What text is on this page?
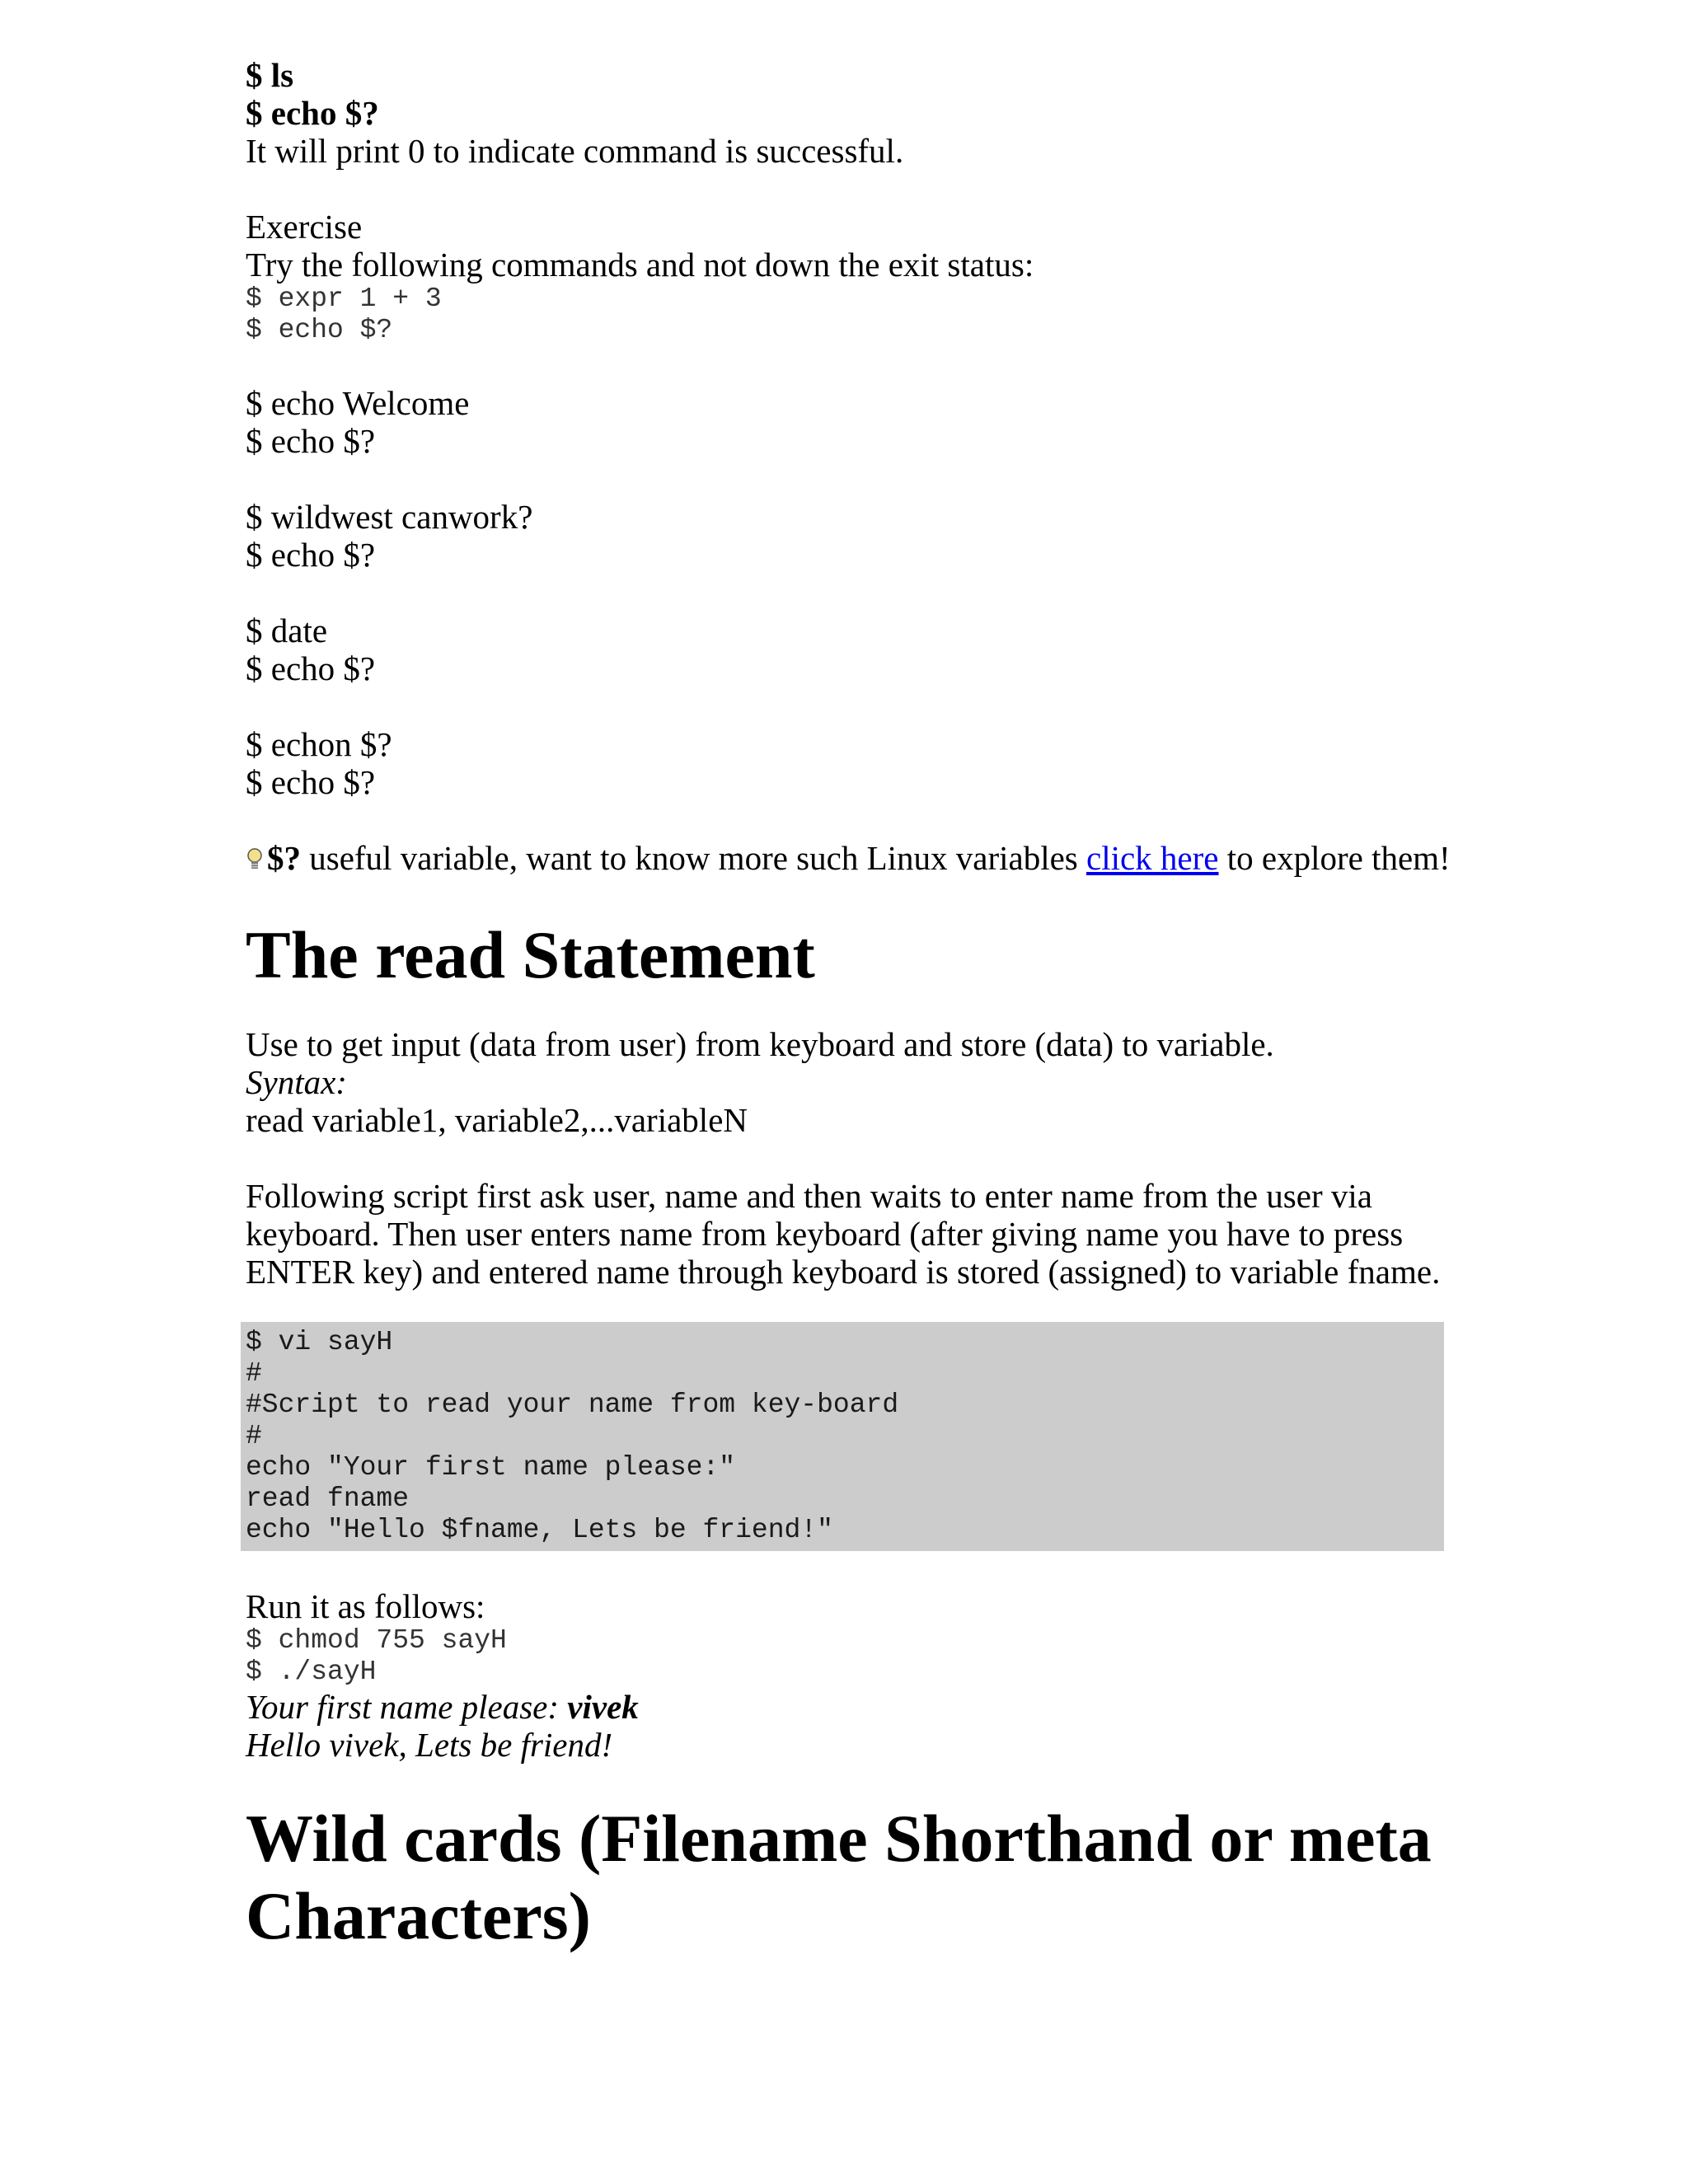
$ ls
$ echo $?
It will print 0 to indicate command is successful.
Exercise
Try the following commands and not down the exit status:
$ expr 1 + 3
$ echo $?
$ echo Welcome
$ echo $?
$ wildwest canwork?
$ echo $?
$ date
$ echo $?
$ echon $?
$ echo $?
$? useful variable, want to know more such Linux variables click here to explore them!
The read Statement
Use to get input (data from user) from keyboard and store (data) to variable.
Syntax:
read variable1, variable2,...variableN
Following script first ask user, name and then waits to enter name from the user via keyboard. Then user enters name from keyboard (after giving name you have to press ENTER key) and entered name through keyboard is stored (assigned) to variable fname.
$ vi sayH
#
#Script to read your name from key-board
#
echo "Your first name please:"
read fname
echo "Hello $fname, Lets be friend!"
Run it as follows:
$ chmod 755 sayH
$ ./sayH
Your first name please: vivek
Hello vivek, Lets be friend!
Wild cards (Filename Shorthand or meta
Characters)
